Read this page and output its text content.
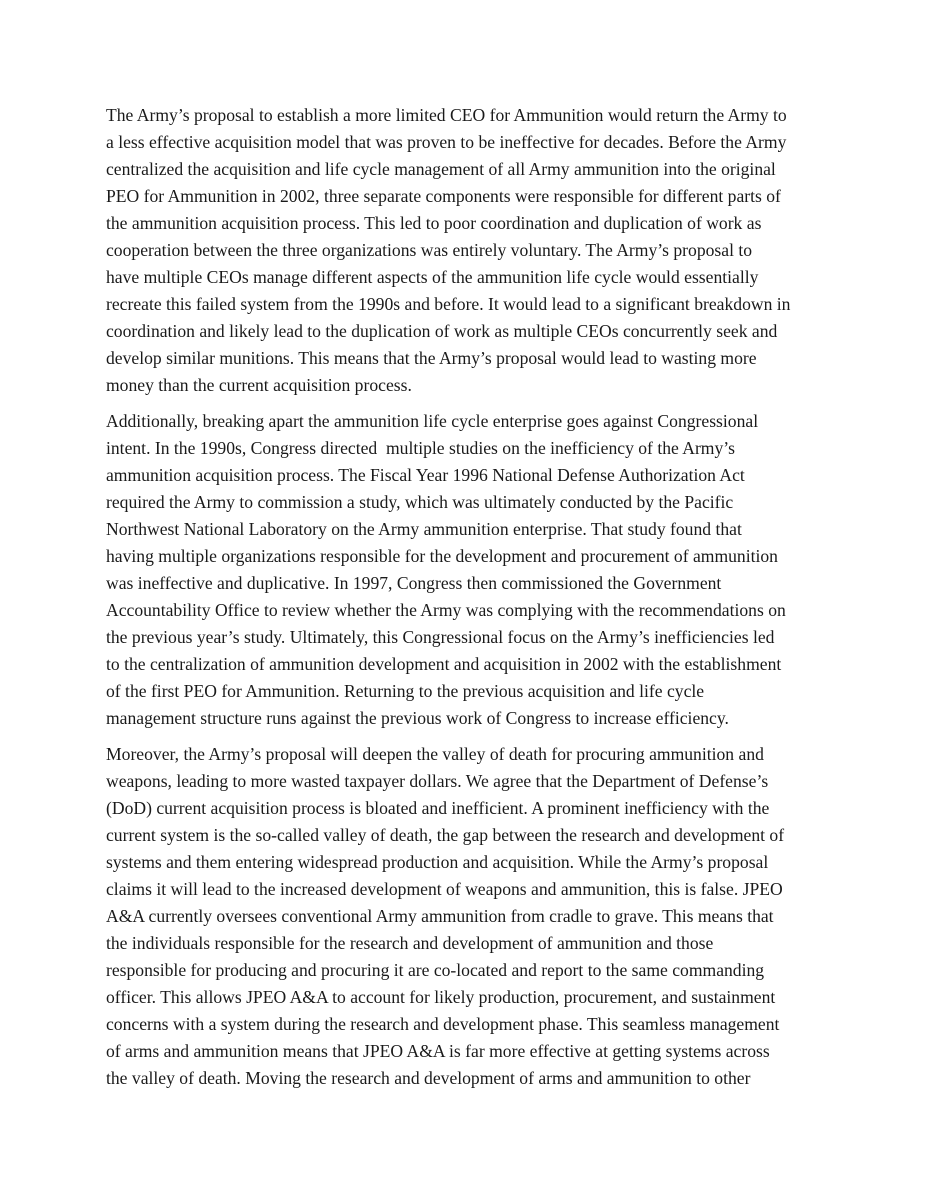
The Army’s proposal to establish a more limited CEO for Ammunition would return the Army to
a less effective acquisition model that was proven to be ineffective for decades. Before the Army
centralized the acquisition and life cycle management of all Army ammunition into the original
PEO for Ammunition in 2002, three separate components were responsible for different parts of
the ammunition acquisition process. This led to poor coordination and duplication of work as
cooperation between the three organizations was entirely voluntary. The Army’s proposal to
have multiple CEOs manage different aspects of the ammunition life cycle would essentially
recreate this failed system from the 1990s and before. It would lead to a significant breakdown in
coordination and likely lead to the duplication of work as multiple CEOs concurrently seek and
develop similar munitions. This means that the Army’s proposal would lead to wasting more
money than the current acquisition process.

Additionally, breaking apart the ammunition life cycle enterprise goes against Congressional
intent. In the 1990s, Congress directed  multiple studies on the inefficiency of the Army’s
ammunition acquisition process. The Fiscal Year 1996 National Defense Authorization Act
required the Army to commission a study, which was ultimately conducted by the Pacific
Northwest National Laboratory on the Army ammunition enterprise. That study found that
having multiple organizations responsible for the development and procurement of ammunition
was ineffective and duplicative. In 1997, Congress then commissioned the Government
Accountability Office to review whether the Army was complying with the recommendations on
the previous year’s study. Ultimately, this Congressional focus on the Army’s inefficiencies led
to the centralization of ammunition development and acquisition in 2002 with the establishment
of the first PEO for Ammunition. Returning to the previous acquisition and life cycle
management structure runs against the previous work of Congress to increase efficiency.

Moreover, the Army’s proposal will deepen the valley of death for procuring ammunition and
weapons, leading to more wasted taxpayer dollars. We agree that the Department of Defense’s
(DoD) current acquisition process is bloated and inefficient. A prominent inefficiency with the
current system is the so-called valley of death, the gap between the research and development of
systems and them entering widespread production and acquisition. While the Army’s proposal
claims it will lead to the increased development of weapons and ammunition, this is false. JPEO
A&A currently oversees conventional Army ammunition from cradle to grave. This means that
the individuals responsible for the research and development of ammunition and those
responsible for producing and procuring it are co-located and report to the same commanding
officer. This allows JPEO A&A to account for likely production, procurement, and sustainment
concerns with a system during the research and development phase. This seamless management
of arms and ammunition means that JPEO A&A is far more effective at getting systems across
the valley of death. Moving the research and development of arms and ammunition to other
